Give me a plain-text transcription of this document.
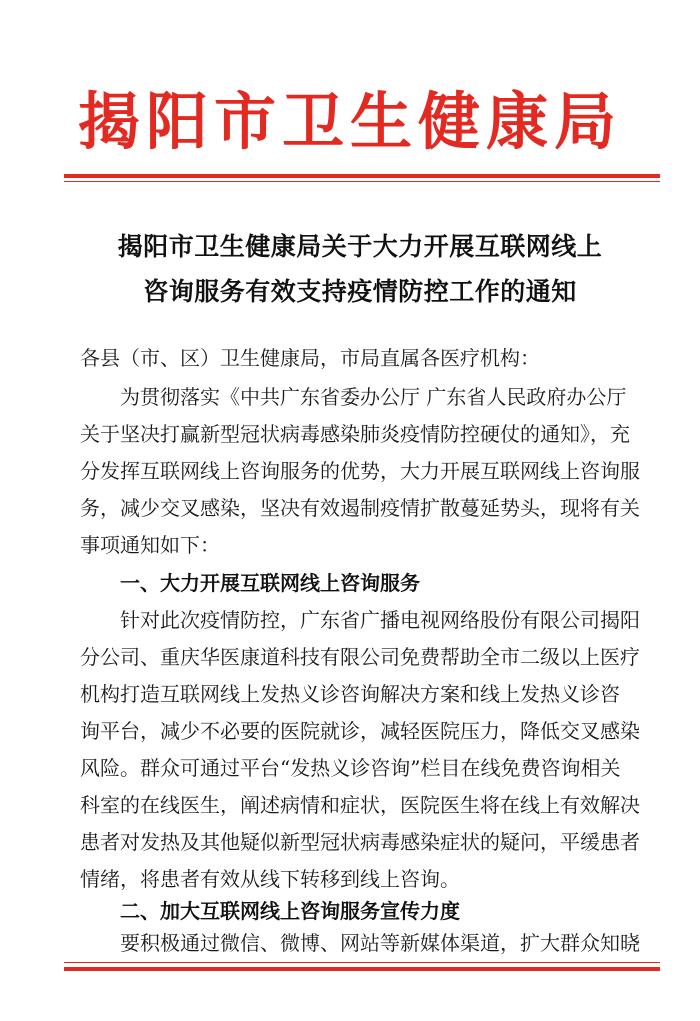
揭阳市卫生健康局
揭阳市卫生健康局关于大力开展互联网线上
咨询服务有效支持疫情防控工作的通知
各县（市、区）卫生健康局，市局直属各医疗机构：
为贯彻落实《中共广东省委办公厅 广东省人民政府办公厅
关于坚决打赢新型冠状病毒感染肺炎疫情防控硬仗的通知》，充
分发挥互联网线上咨询服务的优势，大力开展互联网线上咨询服
务，减少交叉感染，坚决有效遏制疫情扩散蔓延势头，现将有关
事项通知如下：
一、大力开展互联网线上咨询服务
针对此次疫情防控，广东省广播电视网络股份有限公司揭阳
分公司、重庆华医康道科技有限公司免费帮助全市二级以上医疗
机构打造互联网线上发热义诊咨询解决方案和线上发热义诊咨
询平台，减少不必要的医院就诊，减轻医院压力，降低交叉感染
风险。群众可通过平台“发热义诊咨询”栏目在线免费咨询相关
科室的在线医生，阐述病情和症状，医院医生将在线上有效解决
患者对发热及其他疑似新型冠状病毒感染症状的疑问，平缓患者
情绪，将患者有效从线下转移到线上咨询。
二、加大互联网线上咨询服务宣传力度
要积极通过微信、微博、网站等新媒体渠道，扩大群众知晓
